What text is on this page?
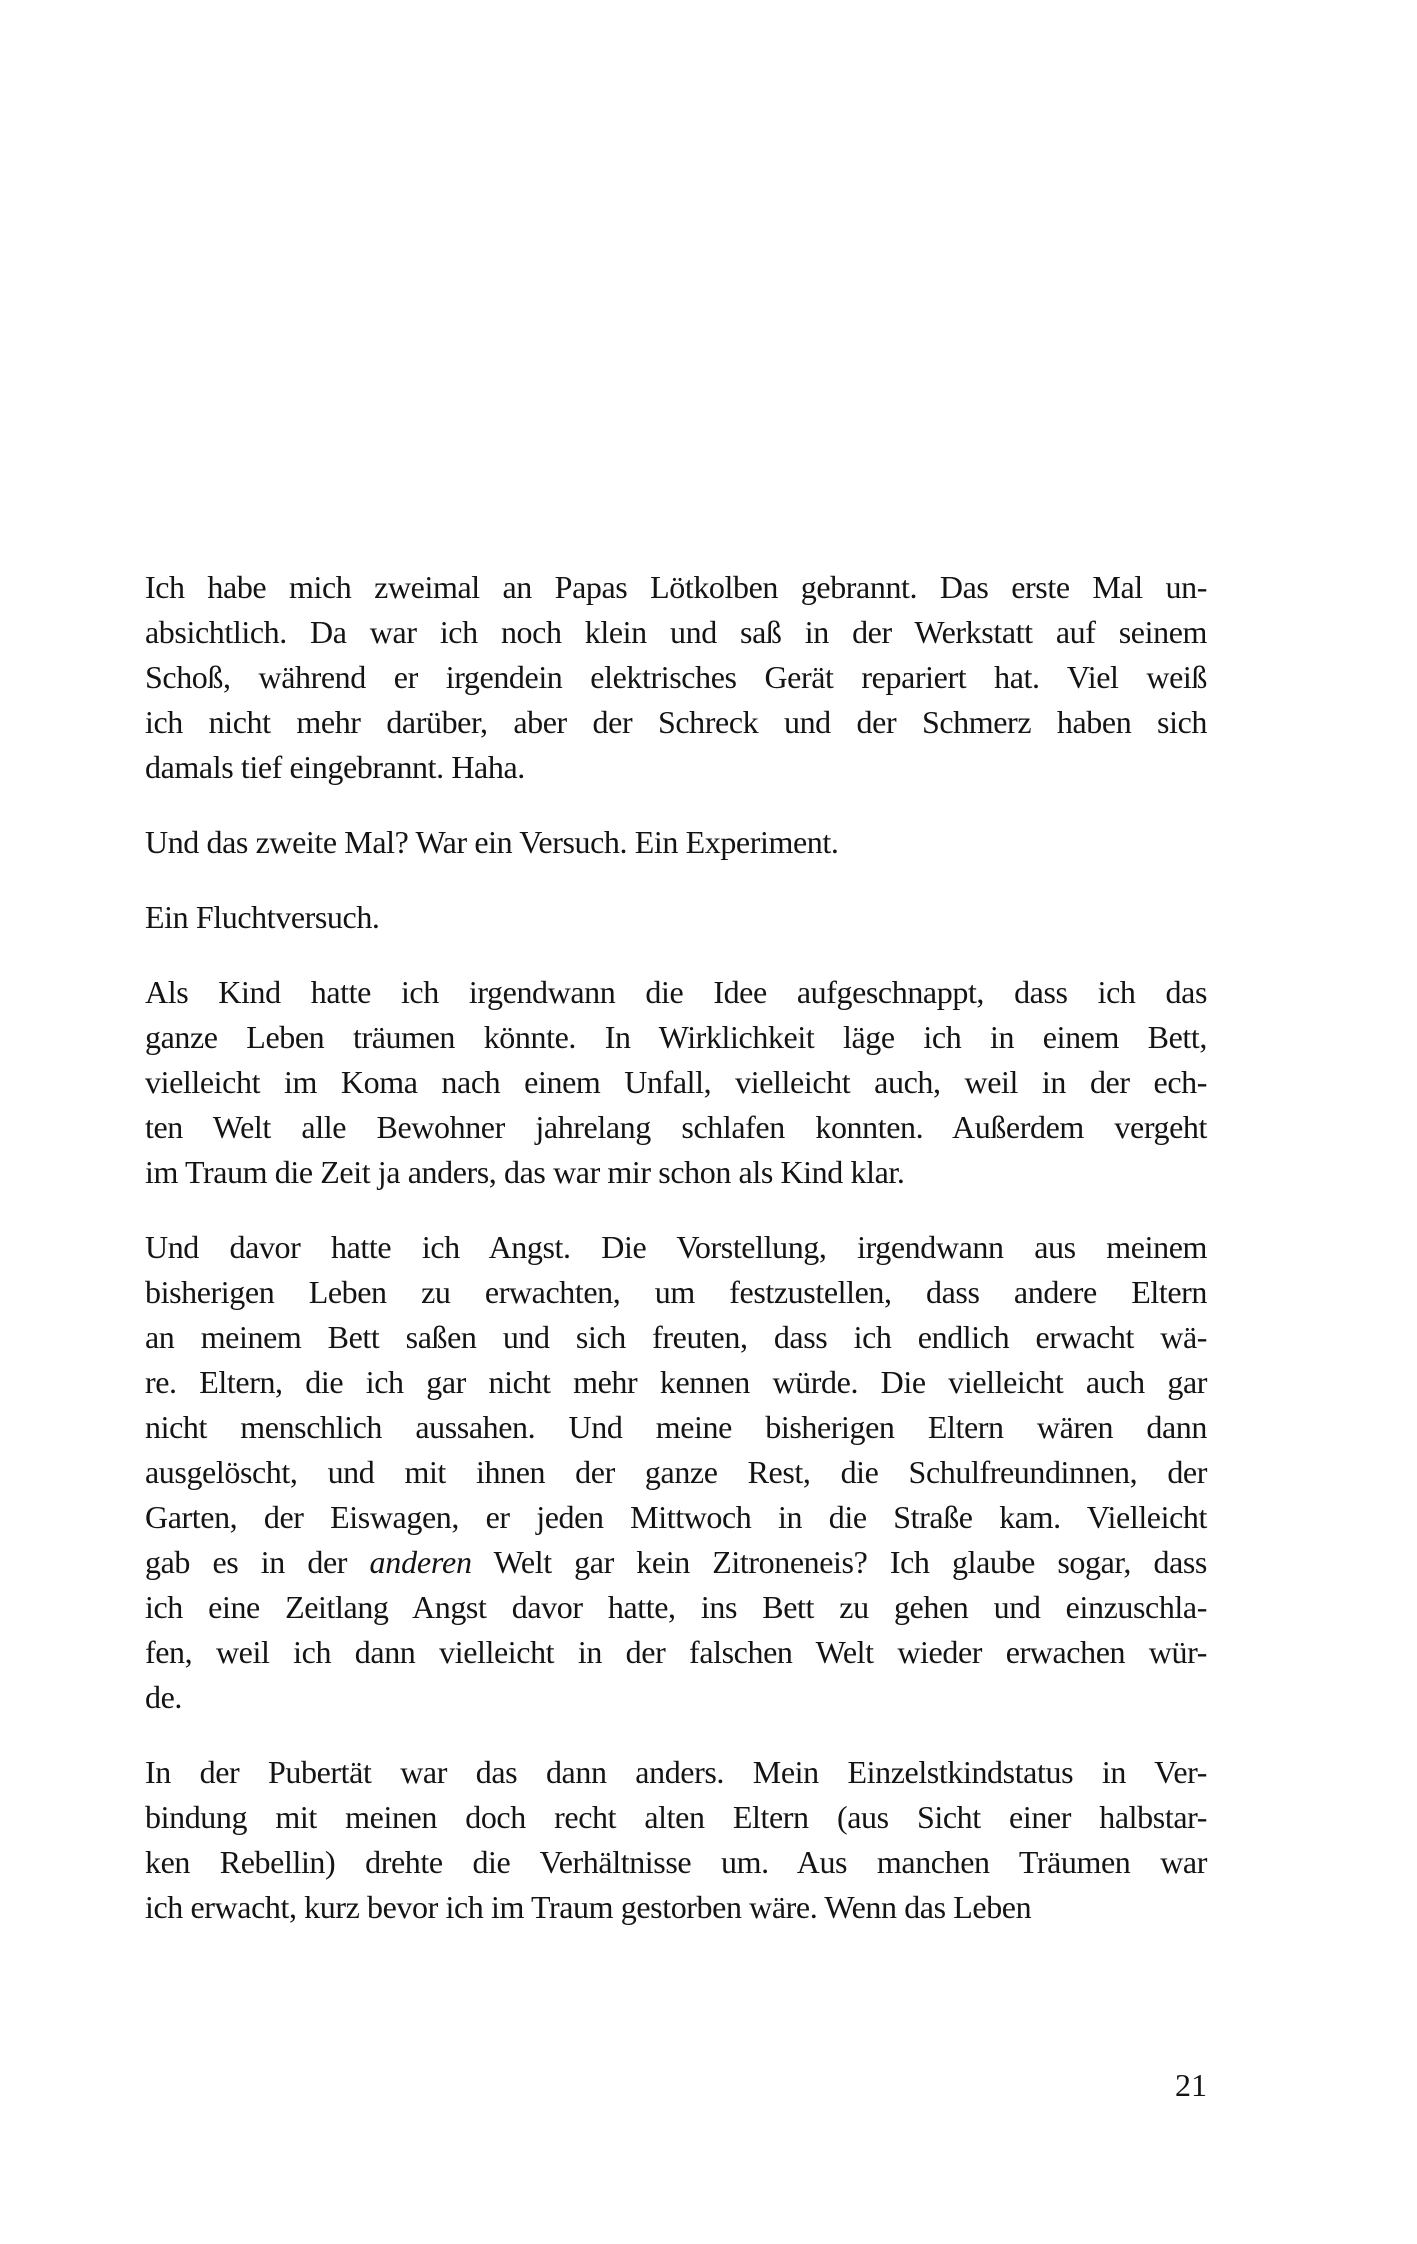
Ich habe mich zweimal an Papas Lötkolben gebrannt. Das erste Mal un-
absichtlich. Da war ich noch klein und saß in der Werkstatt auf seinem
Schoß, während er irgendein elektrisches Gerät repariert hat. Viel weiß
ich nicht mehr darüber, aber der Schreck und der Schmerz haben sich
damals tief eingebrannt. Haha.
Und das zweite Mal? War ein Versuch. Ein Experiment.
Ein Fluchtversuch.
Als Kind hatte ich irgendwann die Idee aufgeschnappt, dass ich das
ganze Leben träumen könnte. In Wirklichkeit läge ich in einem Bett,
vielleicht im Koma nach einem Unfall, vielleicht auch, weil in der ech-
ten Welt alle Bewohner jahrelang schlafen konnten. Außerdem vergeht
im Traum die Zeit ja anders, das war mir schon als Kind klar.
Und davor hatte ich Angst. Die Vorstellung, irgendwann aus meinem
bisherigen Leben zu erwachten, um festzustellen, dass andere Eltern
an meinem Bett saßen und sich freuten, dass ich endlich erwacht wä-
re. Eltern, die ich gar nicht mehr kennen würde. Die vielleicht auch gar
nicht menschlich aussahen. Und meine bisherigen Eltern wären dann
ausgelöscht, und mit ihnen der ganze Rest, die Schulfreundinnen, der
Garten, der Eiswagen, er jeden Mittwoch in die Straße kam. Vielleicht
gab es in der anderen Welt gar kein Zitroneneis? Ich glaube sogar, dass
ich eine Zeitlang Angst davor hatte, ins Bett zu gehen und einzuschla-
fen, weil ich dann vielleicht in der falschen Welt wieder erwachen wür-
de.
In der Pubertät war das dann anders. Mein Einzelstkindstatus in Ver-
bindung mit meinen doch recht alten Eltern (aus Sicht einer halbstar-
ken Rebellin) drehte die Verhältnisse um. Aus manchen Träumen war
ich erwacht, kurz bevor ich im Traum gestorben wäre. Wenn das Leben
21
